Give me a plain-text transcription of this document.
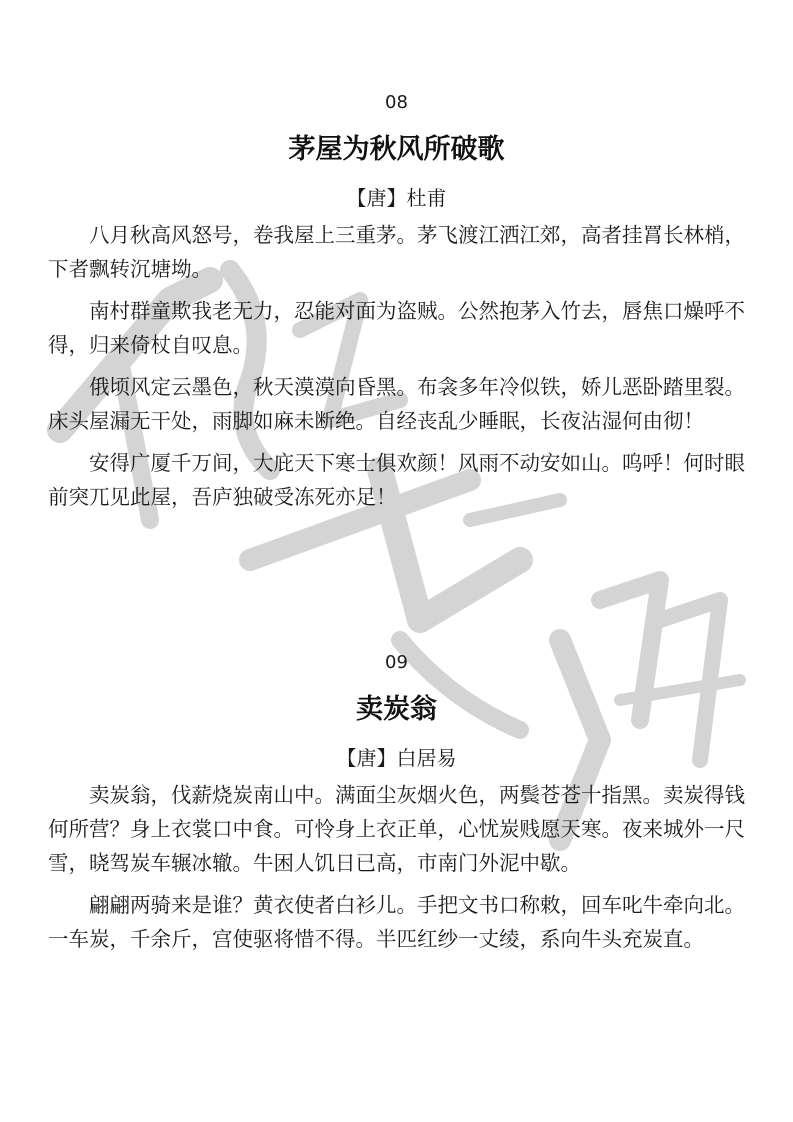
08
茅屋为秋风所破歌
【唐】杜甫

八月秋高风怒号，卷我屋上三重茅。茅飞渡江洒江郊，高者挂罥长林梢，下者飘转沉塘坳。

南村群童欺我老无力，忍能对面为盗贼。公然抱茅入竹去，唇焦口燥呼不得，归来倚杖自叹息。

俄顷风定云墨色，秋天漠漠向昏黑。布衾多年冷似铁，娇儿恶卧踏里裂。床头屋漏无干处，雨脚如麻未断绝。自经丧乱少睡眠，长夜沾湿何由彻！

安得广厦千万间，大庇天下寒士俱欢颜！风雨不动安如山。呜呼！何时眼前突兀见此屋，吾庐独破受冻死亦足！

09
卖炭翁
【唐】白居易

卖炭翁，伐薪烧炭南山中。满面尘灰烟火色，两鬓苍苍十指黑。卖炭得钱何所营？身上衣裳口中食。可怜身上衣正单，心忧炭贱愿天寒。夜来城外一尺雪，晓驾炭车辗冰辙。牛困人饥日已高，市南门外泥中歇。

翩翩两骑来是谁？黄衣使者白衫儿。手把文书口称敕，回车叱牛牵向北。一车炭，千余斤，宫使驱将惜不得。半匹红纱一丈绫，系向牛头充炭直。
